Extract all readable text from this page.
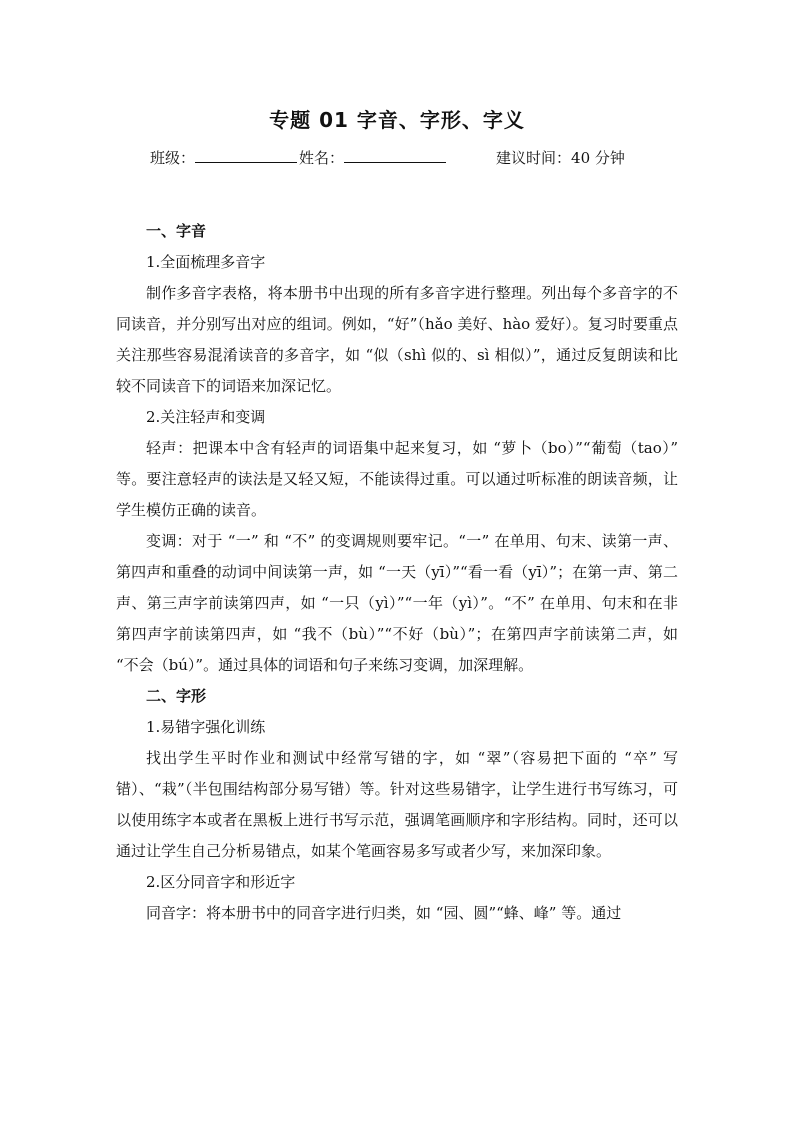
专题 01 字音、字形、字义
班级：	姓名：	建议时间：40 分钟

一、字音

1.全面梳理多音字

制作多音字表格，将本册书中出现的所有多音字进行整理。列出每个多音字的不同读音，并分别写出对应的组词。例如，“好”（hǎo 美好、hào 爱好）。复习时要重点关注那些容易混淆读音的多音字，如 “似（shì 似的、sì 相似）”，通过反复朗读和比较不同读音下的词语来加深记忆。

2.关注轻声和变调

轻声：把课本中含有轻声的词语集中起来复习，如 “萝卜（bo）”“葡萄（tao）” 等。要注意轻声的读法是又轻又短，不能读得过重。可以通过听标准的朗读音频，让学生模仿正确的读音。

变调：对于 “一” 和 “不” 的变调规则要牢记。“一” 在单用、句末、读第一声、第四声和重叠的动词中间读第一声，如 “一天（yī）”“看一看（yī）”；在第一声、第二声、第三声字前读第四声，如 “一只（yì）”“一年（yì）”。“不” 在单用、句末和在非第四声字前读第四声，如 “我不（bù）”“不好（bù）”；在第四声字前读第二声，如 “不会（bú）”。通过具体的词语和句子来练习变调，加深理解。

二、字形

1.易错字强化训练

找出学生平时作业和测试中经常写错的字，如 “翠”（容易把下面的 “卒” 写错）、“栽”（半包围结构部分易写错）等。针对这些易错字，让学生进行书写练习，可以使用练字本或者在黑板上进行书写示范，强调笔画顺序和字形结构。同时，还可以通过让学生自己分析易错点，如某个笔画容易多写或者少写，来加深印象。

2.区分同音字和形近字

同音字：将本册书中的同音字进行归类，如 “园、圆”“蜂、峰” 等。通过
